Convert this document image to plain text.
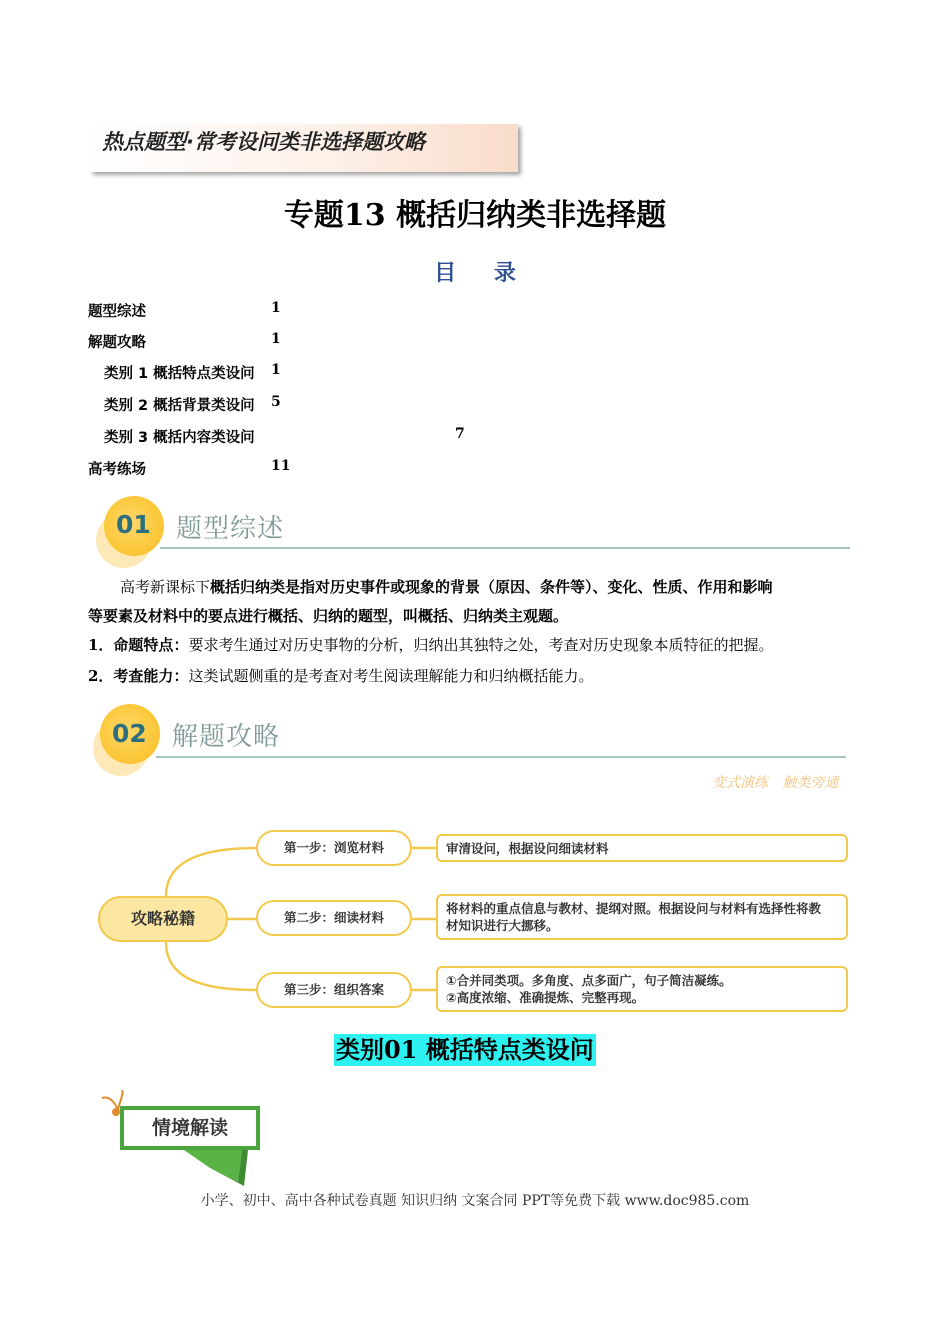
热点题型·常考设问类非选择题攻略
专题13 概括归纳类非选择题
目 录
题型综述	1
解题攻略	1
类别 1 概括特点类设问 1
类别 2 概括背景类设问 5
类别 3 概括内容类设问	7
高考练场	11
01 题型综述
高考新课标下概括归纳类是指对历史事件或现象的背景（原因、条件等）、变化、性质、作用和影响
等要素及材料中的要点进行概括、归纳的题型，叫概括、归纳类主观题。
1．命题特点：要求考生通过对历史事物的分析，归纳出其独特之处，考查对历史现象本质特征的把握。
2．考查能力：这类试题侧重的是考查对考生阅读理解能力和归纳概括能力。
02 解题攻略
变式演练 触类旁通
攻略秘籍
第一步：浏览材料	审清设问，根据设问细读材料
第二步：细读材料
将材料的重点信息与教材、提纲对照。根据设问与材料有选择性将教
材知识进行大挪移。
第三步：组织答案
①合并同类项。多角度、点多面广，句子简洁凝练。
②高度浓缩、准确提炼、完整再现。
类别01 概括特点类设问
情境解读
小学、初中、高中各种试卷真题 知识归纳 文案合同 PPT等免费下载 www.doc985.com
